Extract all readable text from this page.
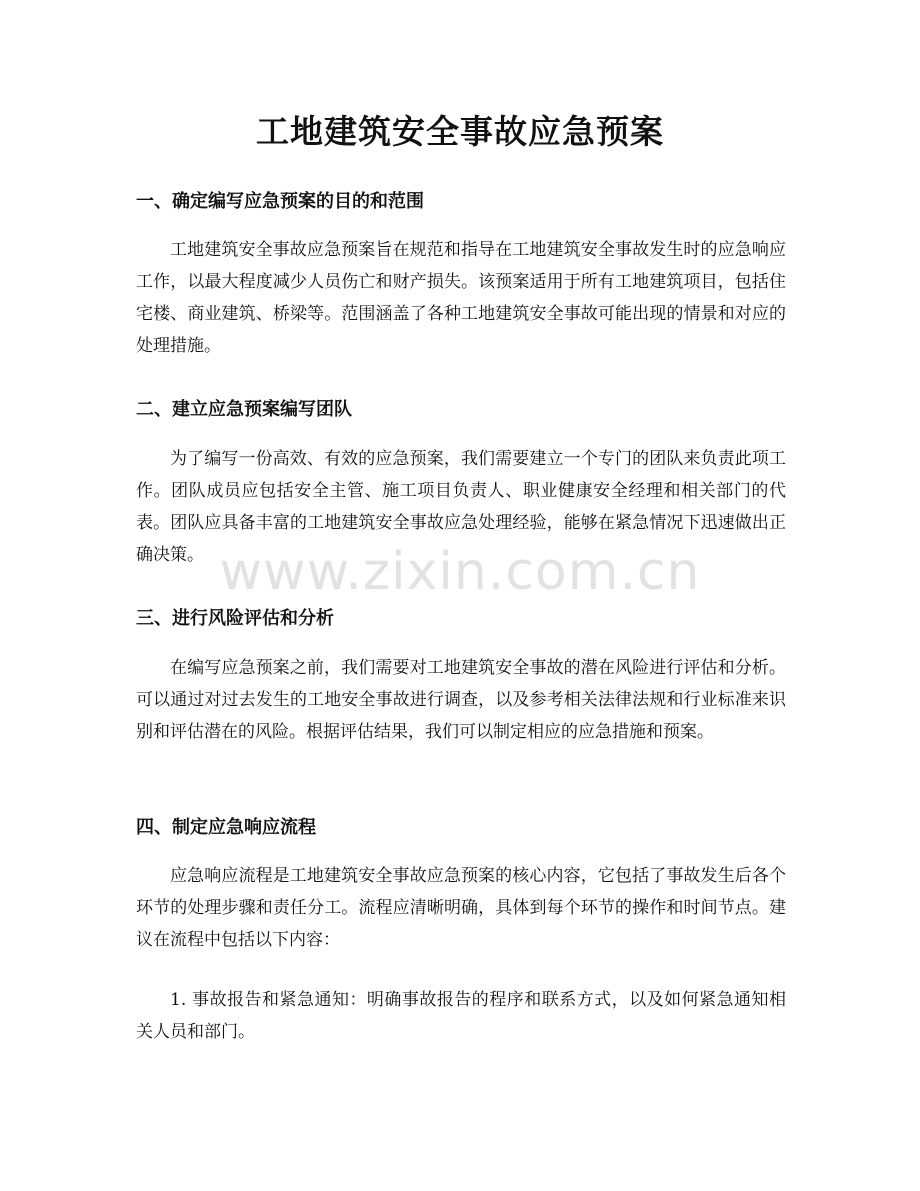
工地建筑安全事故应急预案
一、确定编写应急预案的目的和范围

工地建筑安全事故应急预案旨在规范和指导在工地建筑安全事故发生时的应急响应工作，以最大程度减少人员伤亡和财产损失。该预案适用于所有工地建筑项目，包括住宅楼、商业建筑、桥梁等。范围涵盖了各种工地建筑安全事故可能出现的情景和对应的处理措施。

二、建立应急预案编写团队

为了编写一份高效、有效的应急预案，我们需要建立一个专门的团队来负责此项工作。团队成员应包括安全主管、施工项目负责人、职业健康安全经理和相关部门的代表。团队应具备丰富的工地建筑安全事故应急处理经验，能够在紧急情况下迅速做出正确决策。

三、进行风险评估和分析

在编写应急预案之前，我们需要对工地建筑安全事故的潜在风险进行评估和分析。可以通过对过去发生的工地安全事故进行调查，以及参考相关法律法规和行业标准来识别和评估潜在的风险。根据评估结果，我们可以制定相应的应急措施和预案。

四、制定应急响应流程

应急响应流程是工地建筑安全事故应急预案的核心内容，它包括了事故发生后各个环节的处理步骤和责任分工。流程应清晰明确，具体到每个环节的操作和时间节点。建议在流程中包括以下内容：

1. 事故报告和紧急通知：明确事故报告的程序和联系方式，以及如何紧急通知相关人员和部门。

www.zixin.com.cn
